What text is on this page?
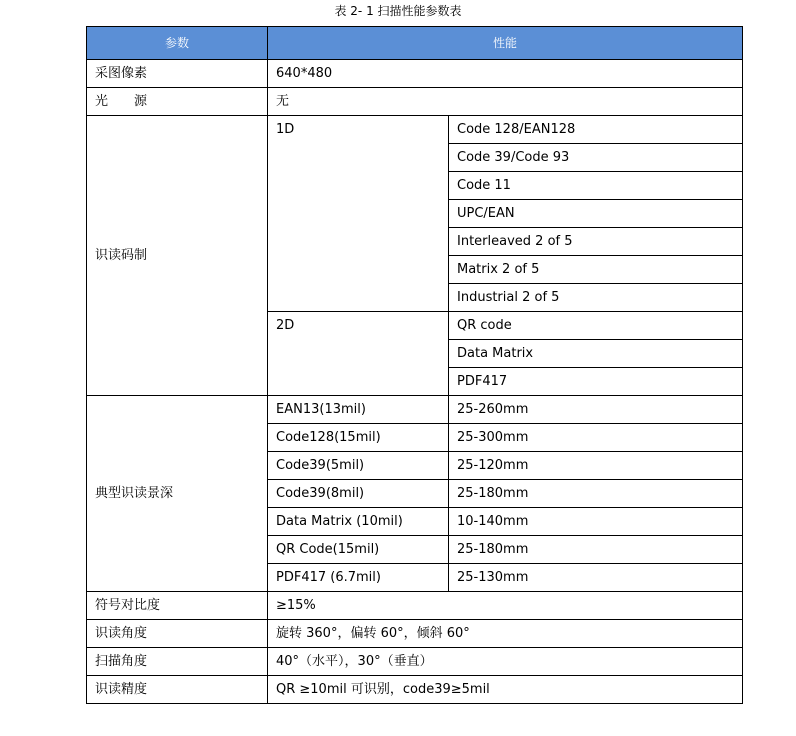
表 2- 1 扫描性能参数表
参数	性能	
采图像素	640*480	
光　　源	无	
识读码制	1D	Code 128/EAN128
		Code 39/Code 93
		Code 11
		UPC/EAN
		Interleaved 2 of 5
		Matrix 2 of 5
		Industrial 2 of 5
	2D	QR code
		Data Matrix
		PDF417
典型识读景深	EAN13(13mil)	25-260mm
	Code128(15mil)	25-300mm
	Code39(5mil)	25-120mm
	Code39(8mil)	25-180mm
	Data Matrix (10mil)	10-140mm
	QR Code(15mil)	25-180mm
	PDF417 (6.7mil)	25-130mm
符号对比度	≥15%	
识读角度	旋转 360°，偏转 60°，倾斜 60°	
扫描角度	40°（水平），30°（垂直）	
识读精度	QR ≥10mil 可识别，code39≥5mil	
